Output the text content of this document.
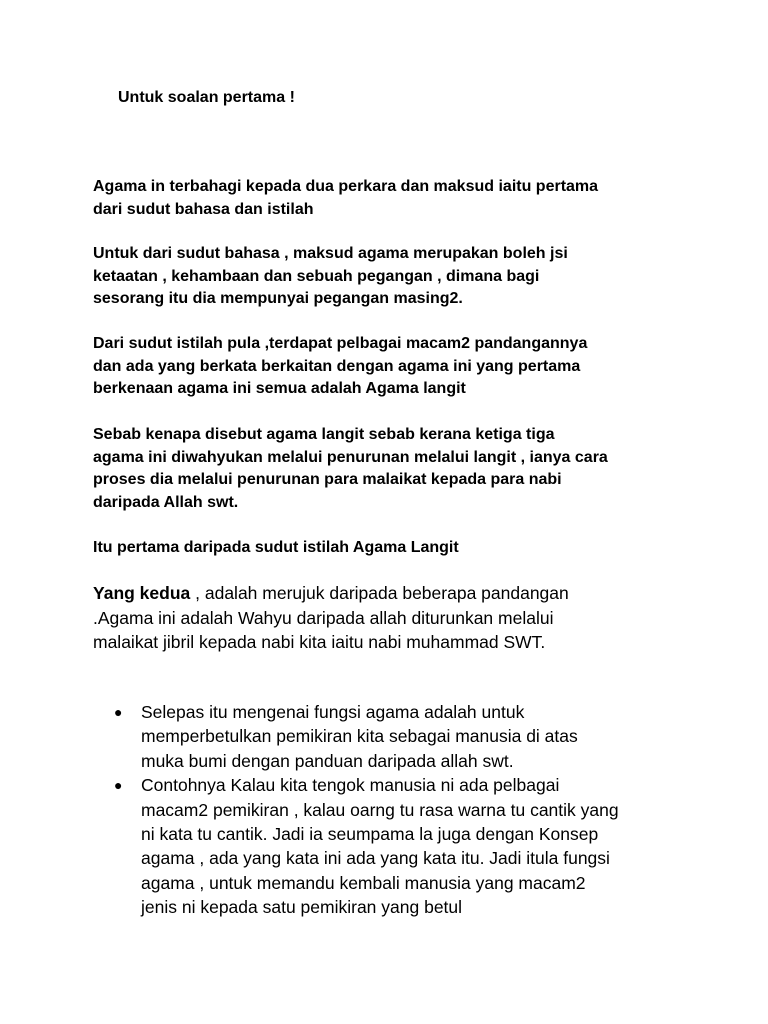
Untuk soalan pertama !
Agama in terbahagi kepada dua perkara dan maksud iaitu pertama
dari sudut bahasa dan istilah
Untuk dari sudut bahasa , maksud agama merupakan boleh jsi
ketaatan , kehambaan dan sebuah pegangan , dimana bagi
sesorang itu dia mempunyai pegangan masing2.
Dari sudut istilah pula ,terdapat pelbagai macam2 pandangannya
dan ada yang berkata berkaitan dengan agama ini yang pertama
berkenaan agama ini semua adalah Agama langit
Sebab kenapa disebut agama langit sebab kerana ketiga tiga
agama ini diwahyukan melalui penurunan melalui langit , ianya cara
proses dia melalui penurunan para malaikat kepada para nabi
daripada Allah swt.
Itu pertama daripada sudut istilah Agama Langit
Yang kedua , adalah merujuk daripada beberapa pandangan
.Agama ini adalah Wahyu daripada allah diturunkan melalui
malaikat jibril kepada nabi kita iaitu nabi muhammad SWT.
● Selepas itu mengenai fungsi agama adalah untuk
memperbetulkan pemikiran kita sebagai manusia di atas
muka bumi dengan panduan daripada allah swt.
● Contohnya Kalau kita tengok manusia ni ada pelbagai
macam2 pemikiran , kalau oarng tu rasa warna tu cantik yang
ni kata tu cantik. Jadi ia seumpama la juga dengan Konsep
agama , ada yang kata ini ada yang kata itu. Jadi itula fungsi
agama , untuk memandu kembali manusia yang macam2
jenis ni kepada satu pemikiran yang betul
